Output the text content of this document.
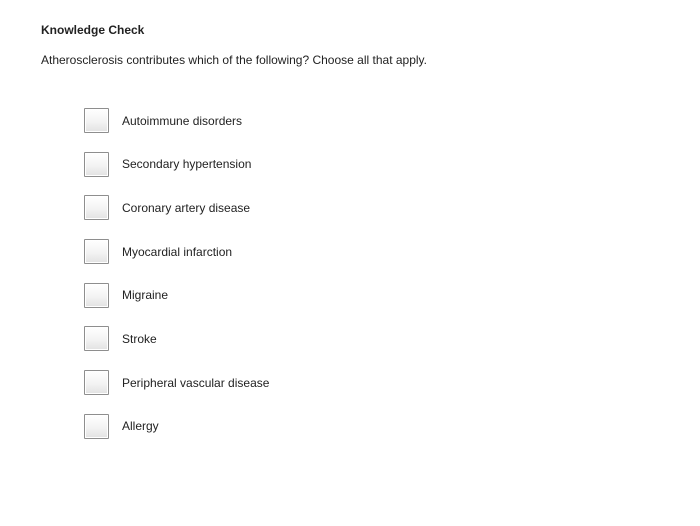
Knowledge Check
Atherosclerosis contributes which of the following? Choose all that apply.
Autoimmune disorders
Secondary hypertension
Coronary artery disease
Myocardial infarction
Migraine
Stroke
Peripheral vascular disease
Allergy
